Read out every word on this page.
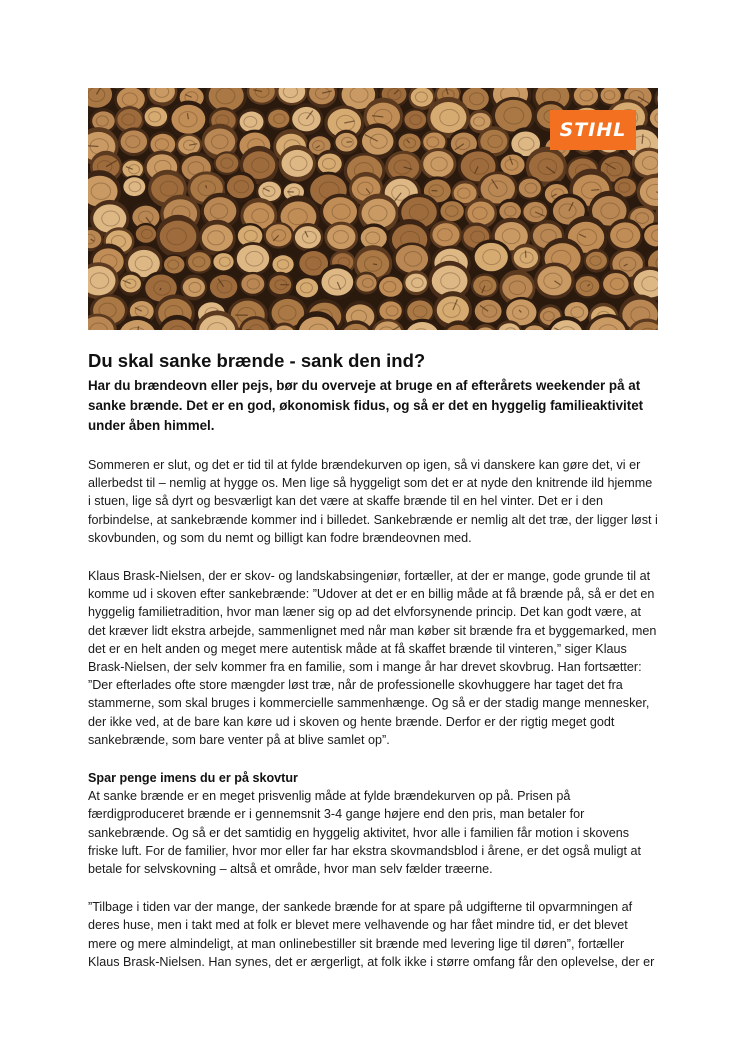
STIHL
Du skal sanke brænde - sank den ind?

Har du brændeovn eller pejs, bør du overveje at bruge en af efterårets weekender på at sanke brænde. Det er en god, økonomisk fidus, og så er det en hyggelig familieaktivitet under åben himmel.

Sommeren er slut, og det er tid til at fylde brændekurven op igen, så vi danskere kan gøre det, vi er allerbedst til – nemlig at hygge os. Men lige så hyggeligt som det er at nyde den knitrende ild hjemme i stuen, lige så dyrt og besværligt kan det være at skaffe brænde til en hel vinter. Det er i den forbindelse, at sankebrænde kommer ind i billedet. Sankebrænde er nemlig alt det træ, der ligger løst i skovbunden, og som du nemt og billigt kan fodre brændeovnen med.

Klaus Brask-Nielsen, der er skov- og landskabsingeniør, fortæller, at der er mange, gode grunde til at komme ud i skoven efter sankebrænde: ”Udover at det er en billig måde at få brænde på, så er det en hyggelig familietradition, hvor man læner sig op ad det elvforsynende princip. Det kan godt være, at det kræver lidt ekstra arbejde, sammenlignet med når man køber sit brænde fra et byggemarked, men det er en helt anden og meget mere autentisk måde at få skaffet brænde til vinteren,” siger Klaus Brask-Nielsen, der selv kommer fra en familie, som i mange år har drevet skovbrug. Han fortsætter: ”Der efterlades ofte store mængder løst træ, når de professionelle skovhuggere har taget det fra stammerne, som skal bruges i kommercielle sammenhænge. Og så er der stadig mange mennesker, der ikke ved, at de bare kan køre ud i skoven og hente brænde. Derfor er der rigtig meget godt sankebrænde, som bare venter på at blive samlet op”.

Spar penge imens du er på skovtur

At sanke brænde er en meget prisvenlig måde at fylde brændekurven op på. Prisen på færdigproduceret brænde er i gennemsnit 3-4 gange højere end den pris, man betaler for sankebrænde. Og så er det samtidig en hyggelig aktivitet, hvor alle i familien får motion i skovens friske luft. For de familier, hvor mor eller far har ekstra skovmandsblod i årene, er det også muligt at betale for selvskovning – altså et område, hvor man selv fælder træerne.

”Tilbage i tiden var der mange, der sankede brænde for at spare på udgifterne til opvarmningen af deres huse, men i takt med at folk er blevet mere velhavende og har fået mindre tid, er det blevet mere og mere almindeligt, at man onlinebestiller sit brænde med levering lige til døren”, fortæller Klaus Brask-Nielsen. Han synes, det er ærgerligt, at folk ikke i større omfang får den oplevelse, der er
